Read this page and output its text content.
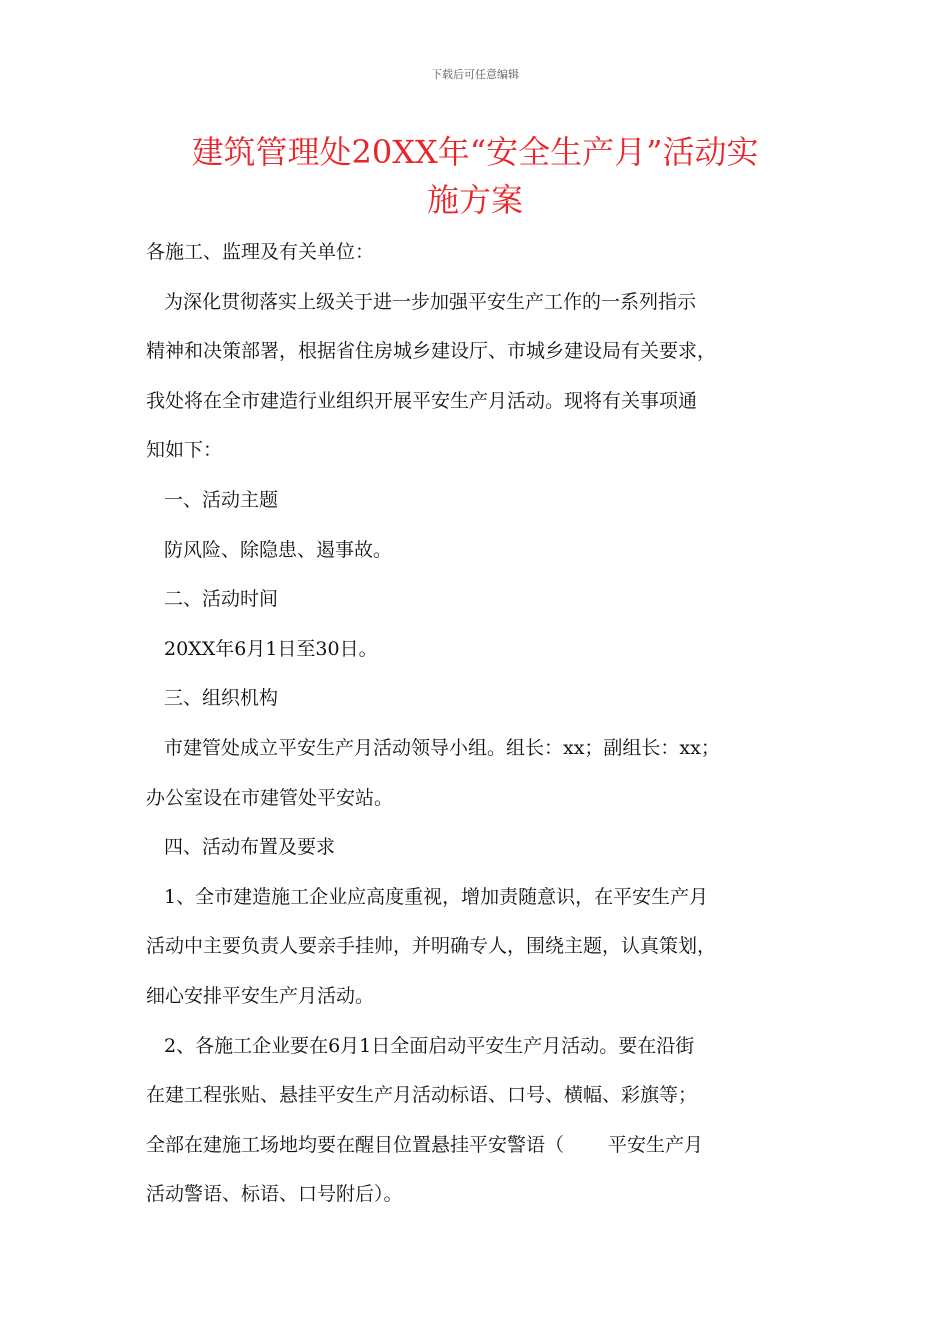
下载后可任意编辑
建筑管理处20XX年“安全生产月”活动实
施方案
各施工、监理及有关单位：
为深化贯彻落实上级关于进一步加强平安生产工作的一系列指示
精神和决策部署，根据省住房城乡建设厅、市城乡建设局有关要求，
我处将在全市建造行业组织开展平安生产月活动。现将有关事项通
知如下：
一、活动主题
防风险、除隐患、遏事故。
二、活动时间
20XX年6月1日至30日。
三、组织机构
市建管处成立平安生产月活动领导小组。组长：xx；副组长：xx；
办公室设在市建管处平安站。
四、活动布置及要求
1、全市建造施工企业应高度重视，增加责随意识，在平安生产月
活动中主要负责人要亲手挂帅，并明确专人，围绕主题，认真策划，
细心安排平安生产月活动。
2、各施工企业要在6月1日全面启动平安生产月活动。要在沿街
在建工程张贴、悬挂平安生产月活动标语、口号、横幅、彩旗等；
全部在建施工场地均要在醒目位置悬挂平安警语（ 平安生产月
活动警语、标语、口号附后）。
